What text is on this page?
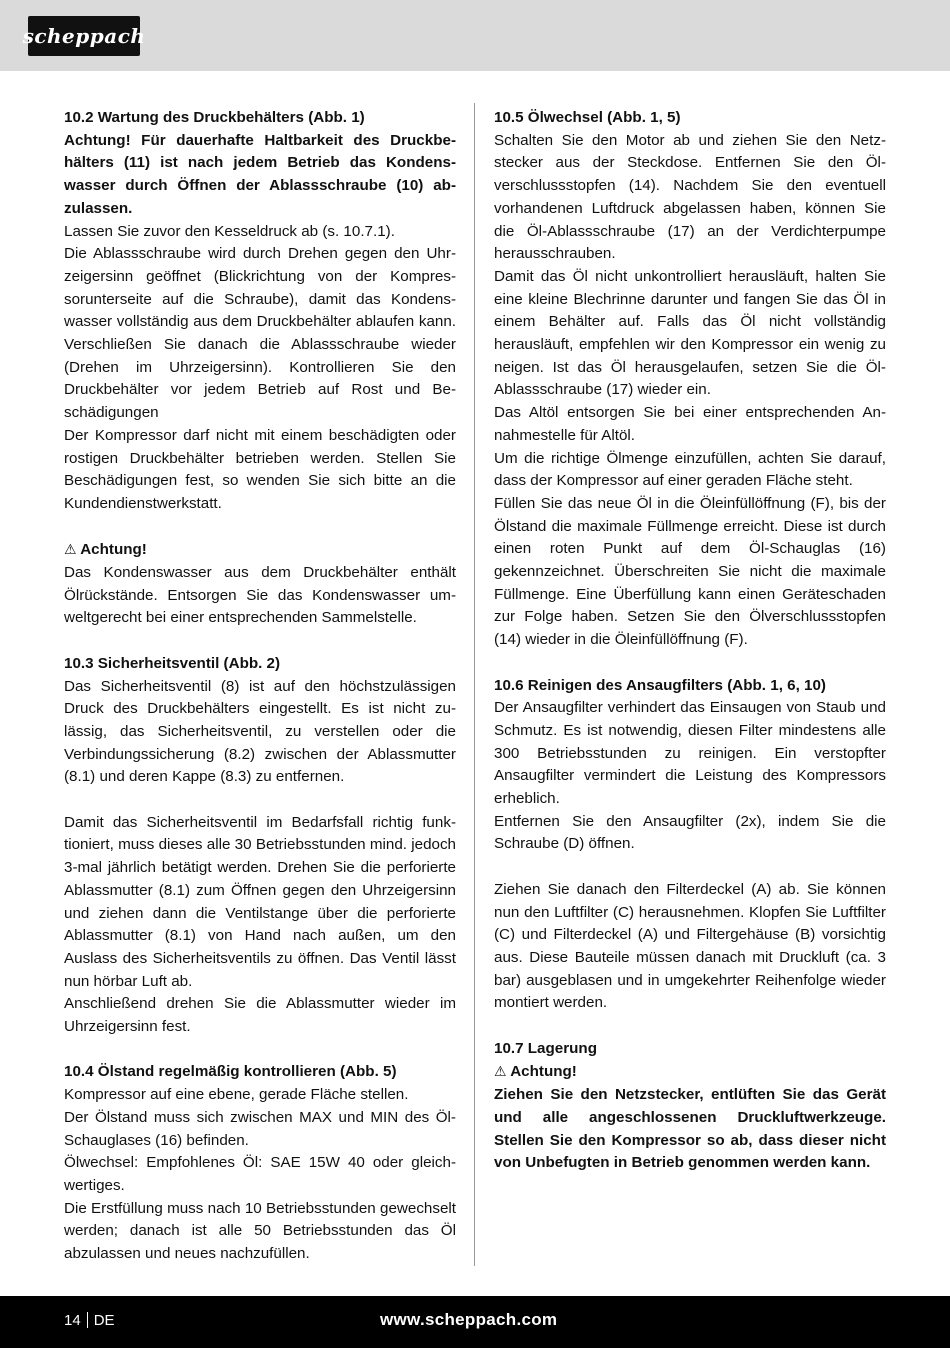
scheppach
10.2 Wartung des Druckbehälters (Abb. 1)

Achtung! Für dauerhafte Haltbarkeit des Druckbehälters (11) ist nach jedem Betrieb das Kondenswasser durch Öffnen der Ablassschraube (10) abzulassen.

Lassen Sie zuvor den Kesseldruck ab (s. 10.7.1).

Die Ablassschraube wird durch Drehen gegen den Uhrzeigersinn geöffnet (Blickrichtung von der Kompressorunterseite auf die Schraube), damit das Kondenswasser vollständig aus dem Druckbehälter ablaufen kann. Verschließen Sie danach die Ablassschraube wieder (Drehen im Uhrzeigersinn). Kontrollieren Sie den Druckbehälter vor jedem Betrieb auf Rost und Beschädigungen

Der Kompressor darf nicht mit einem beschädigten oder rostigen Druckbehälter betrieben werden. Stellen Sie Beschädigungen fest, so wenden Sie sich bitte an die Kundendienstwerkstatt.

⚠ Achtung!

Das Kondenswasser aus dem Druckbehälter enthält Ölrückstände. Entsorgen Sie das Kondenswasser umweltgerecht bei einer entsprechenden Sammelstelle.

10.3 Sicherheitsventil (Abb. 2)

Das Sicherheitsventil (8) ist auf den höchstzulässigen Druck des Druckbehälters eingestellt. Es ist nicht zulässig, das Sicherheitsventil, zu verstellen oder die Verbindungssicherung (8.2) zwischen der Ablassmutter (8.1) und deren Kappe (8.3) zu entfernen.

Damit das Sicherheitsventil im Bedarfsfall richtig funktioniert, muss dieses alle 30 Betriebsstunden mind. jedoch 3-mal jährlich betätigt werden. Drehen Sie die perforierte Ablassmutter (8.1) zum Öffnen gegen den Uhrzeigersinn und ziehen dann die Ventilstange über die perforierte Ablassmutter (8.1) von Hand nach außen, um den Auslass des Sicherheitsventils zu öffnen. Das Ventil lässt nun hörbar Luft ab.

Anschließend drehen Sie die Ablassmutter wieder im Uhrzeigersinn fest.

10.4 Ölstand regelmäßig kontrollieren (Abb. 5)

Kompressor auf eine ebene, gerade Fläche stellen.

Der Ölstand muss sich zwischen MAX und MIN des Öl-Schauglases (16) befinden.

Ölwechsel: Empfohlenes Öl: SAE 15W 40 oder gleichwertiges.

Die Erstfüllung muss nach 10 Betriebsstunden gewechselt werden; danach ist alle 50 Betriebsstunden das Öl abzulassen und neues nachzufüllen.

10.5 Ölwechsel (Abb. 1, 5)

Schalten Sie den Motor ab und ziehen Sie den Netzstecker aus der Steckdose. Entfernen Sie den Ölverschlussstopfen (14). Nachdem Sie den eventuell vorhandenen Luftdruck abgelassen haben, können Sie die Öl-Ablassschraube (17) an der Verdichterpumpe herausschrauben.

Damit das Öl nicht unkontrolliert herausläuft, halten Sie eine kleine Blechrinne darunter und fangen Sie das Öl in einem Behälter auf. Falls das Öl nicht vollständig herausläuft, empfehlen wir den Kompressor ein wenig zu neigen. Ist das Öl herausgelaufen, setzen Sie die Öl-Ablassschraube (17) wieder ein.

Das Altöl entsorgen Sie bei einer entsprechenden Annahmestelle für Altöl.

Um die richtige Ölmenge einzufüllen, achten Sie darauf, dass der Kompressor auf einer geraden Fläche steht.

Füllen Sie das neue Öl in die Öleinfüllöffnung (F), bis der Ölstand die maximale Füllmenge erreicht. Diese ist durch einen roten Punkt auf dem Öl-Schauglas (16) gekennzeichnet. Überschreiten Sie nicht die maximale Füllmenge. Eine Überfüllung kann einen Geräteschaden zur Folge haben. Setzen Sie den Ölverschlussstopfen (14) wieder in die Öleinfüllöffnung (F).

10.6 Reinigen des Ansaugfilters (Abb. 1, 6, 10)

Der Ansaugfilter verhindert das Einsaugen von Staub und Schmutz. Es ist notwendig, diesen Filter mindestens alle 300 Betriebsstunden zu reinigen. Ein verstopfter Ansaugfilter vermindert die Leistung des Kompressors erheblich.

Entfernen Sie den Ansaugfilter (2x), indem Sie die Schraube (D) öffnen.

Ziehen Sie danach den Filterdeckel (A) ab. Sie können nun den Luftfilter (C) herausnehmen. Klopfen Sie Luftfilter (C) und Filterdeckel (A) und Filtergehäuse (B) vorsichtig aus. Diese Bauteile müssen danach mit Druckluft (ca. 3 bar) ausgeblasen und in umgekehrter Reihenfolge wieder montiert werden.

10.7 Lagerung
⚠ Achtung!

Ziehen Sie den Netzstecker, entlüften Sie das Gerät und alle angeschlossenen Druckluftwerkzeuge. Stellen Sie den Kompressor so ab, dass dieser nicht von Unbefugten in Betrieb genommen werden kann.

14 DE	www.scheppach.com
